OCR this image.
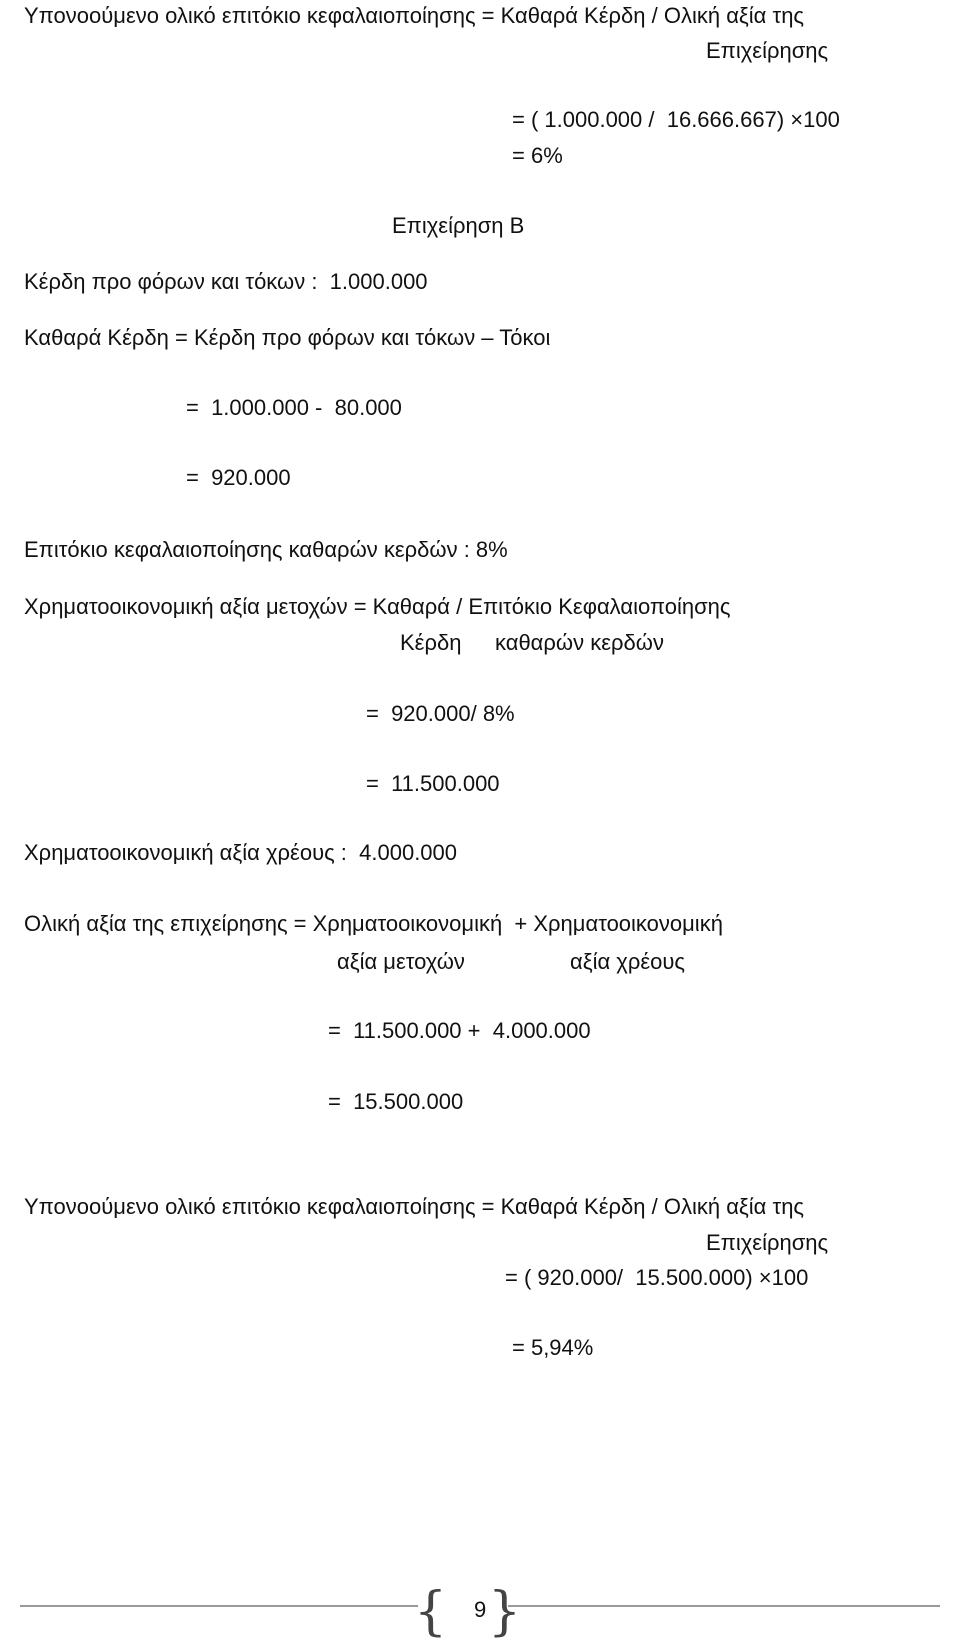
Υπονοούμενο ολικό επιτόκιο κεφαλαιοποίησης = Καθαρά Κέρδη / Ολική αξία της
Επιχείρησης
= ( 1.000.000 /  16.666.667) ×100
= 6%
Επιχείρηση Β
Κέρδη προ φόρων και τόκων :  1.000.000
Καθαρά Κέρδη = Κέρδη προ φόρων και τόκων – Τόκοι
=  1.000.000 -  80.000
=  920.000
Επιτόκιο κεφαλαιοποίησης καθαρών κερδών : 8%
Χρηματοοικονομική αξία μετοχών = Καθαρά / Επιτόκιο Κεφαλαιοποίησης
Κέρδη καθαρών κερδών
=  920.000/ 8%
=  11.500.000
Χρηματοοικονομική αξία χρέους :  4.000.000
Ολική αξία της επιχείρησης = Χρηματοοικονομική  + Χρηματοοικονομική
αξία μετοχών	αξία χρέους
=  11.500.000 +  4.000.000
=  15.500.000
Υπονοούμενο ολικό επιτόκιο κεφαλαιοποίησης = Καθαρά Κέρδη / Ολική αξία της
Επιχείρησης
= ( 920.000/  15.500.000) ×100
= 5,94%
{ 9 }
